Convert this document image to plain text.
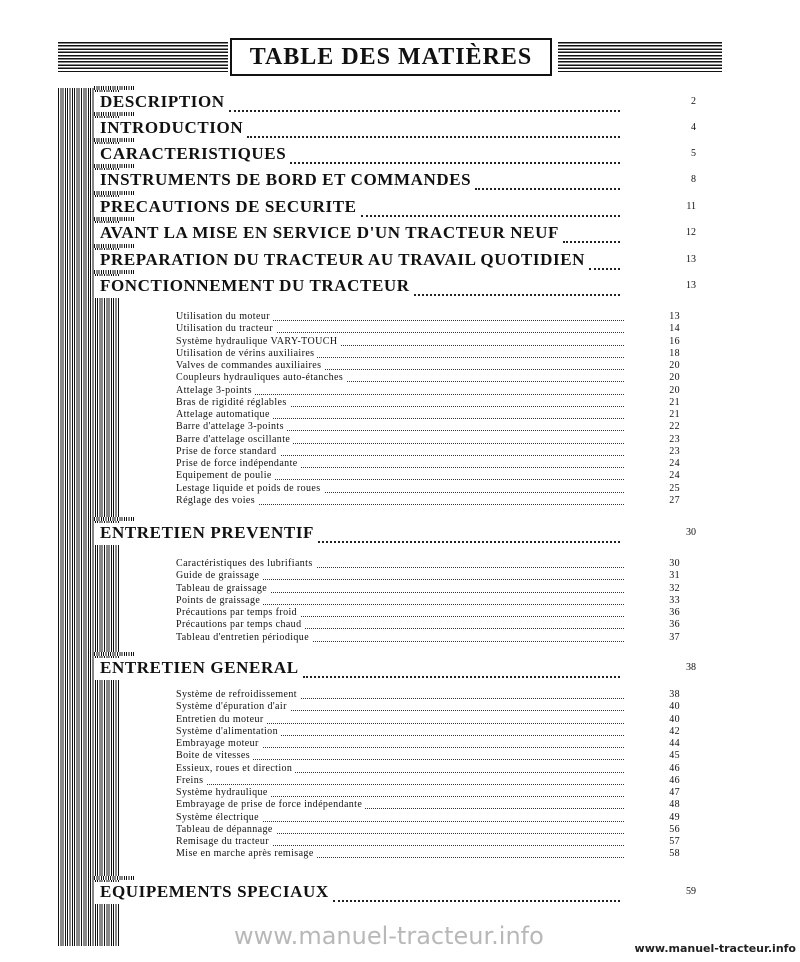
TABLE DES MATIÈRES
DESCRIPTION	2
INTRODUCTION	4
CARACTERISTIQUES	5
INSTRUMENTS DE BORD ET COMMANDES	8
PRECAUTIONS DE SECURITE	11
AVANT LA MISE EN SERVICE D'UN TRACTEUR NEUF	12
PREPARATION DU TRACTEUR AU TRAVAIL QUOTIDIEN	13
FONCTIONNEMENT DU TRACTEUR	13
Utilisation du moteur	13
Utilisation du tracteur	14
Système hydraulique VARY-TOUCH	16
Utilisation de vérins auxiliaires	18
Valves de commandes auxiliaires	20
Coupleurs hydrauliques auto-étanches	20
Attelage 3-points	20
Bras de rigidité réglables	21
Attelage automatique	21
Barre d'attelage 3-points	22
Barre d'attelage oscillante	23
Prise de force standard	23
Prise de force indépendante	24
Equipement de poulie	24
Lestage liquide et poids de roues	25
Réglage des voies	27
ENTRETIEN PREVENTIF	30
Caractéristiques des lubrifiants	30
Guide de graissage	31
Tableau de graissage	32
Points de graissage	33
Précautions par temps froid	36
Précautions par temps chaud	36
Tableau d'entretien périodique	37
ENTRETIEN GENERAL	38
Système de refroidissement	38
Système d'épuration d'air	40
Entretien du moteur	40
Système d'alimentation	42
Embrayage moteur	44
Boite de vitesses	45
Essieux, roues et direction	46
Freins	46
Système hydraulique	47
Embrayage de prise de force indépendante	48
Système électrique	49
Tableau de dépannage	56
Remisage du tracteur	57
Mise en marche après remisage	58
EQUIPEMENTS SPECIAUX	59
www.manuel-tracteur.info	www.manuel-tracteur.info
